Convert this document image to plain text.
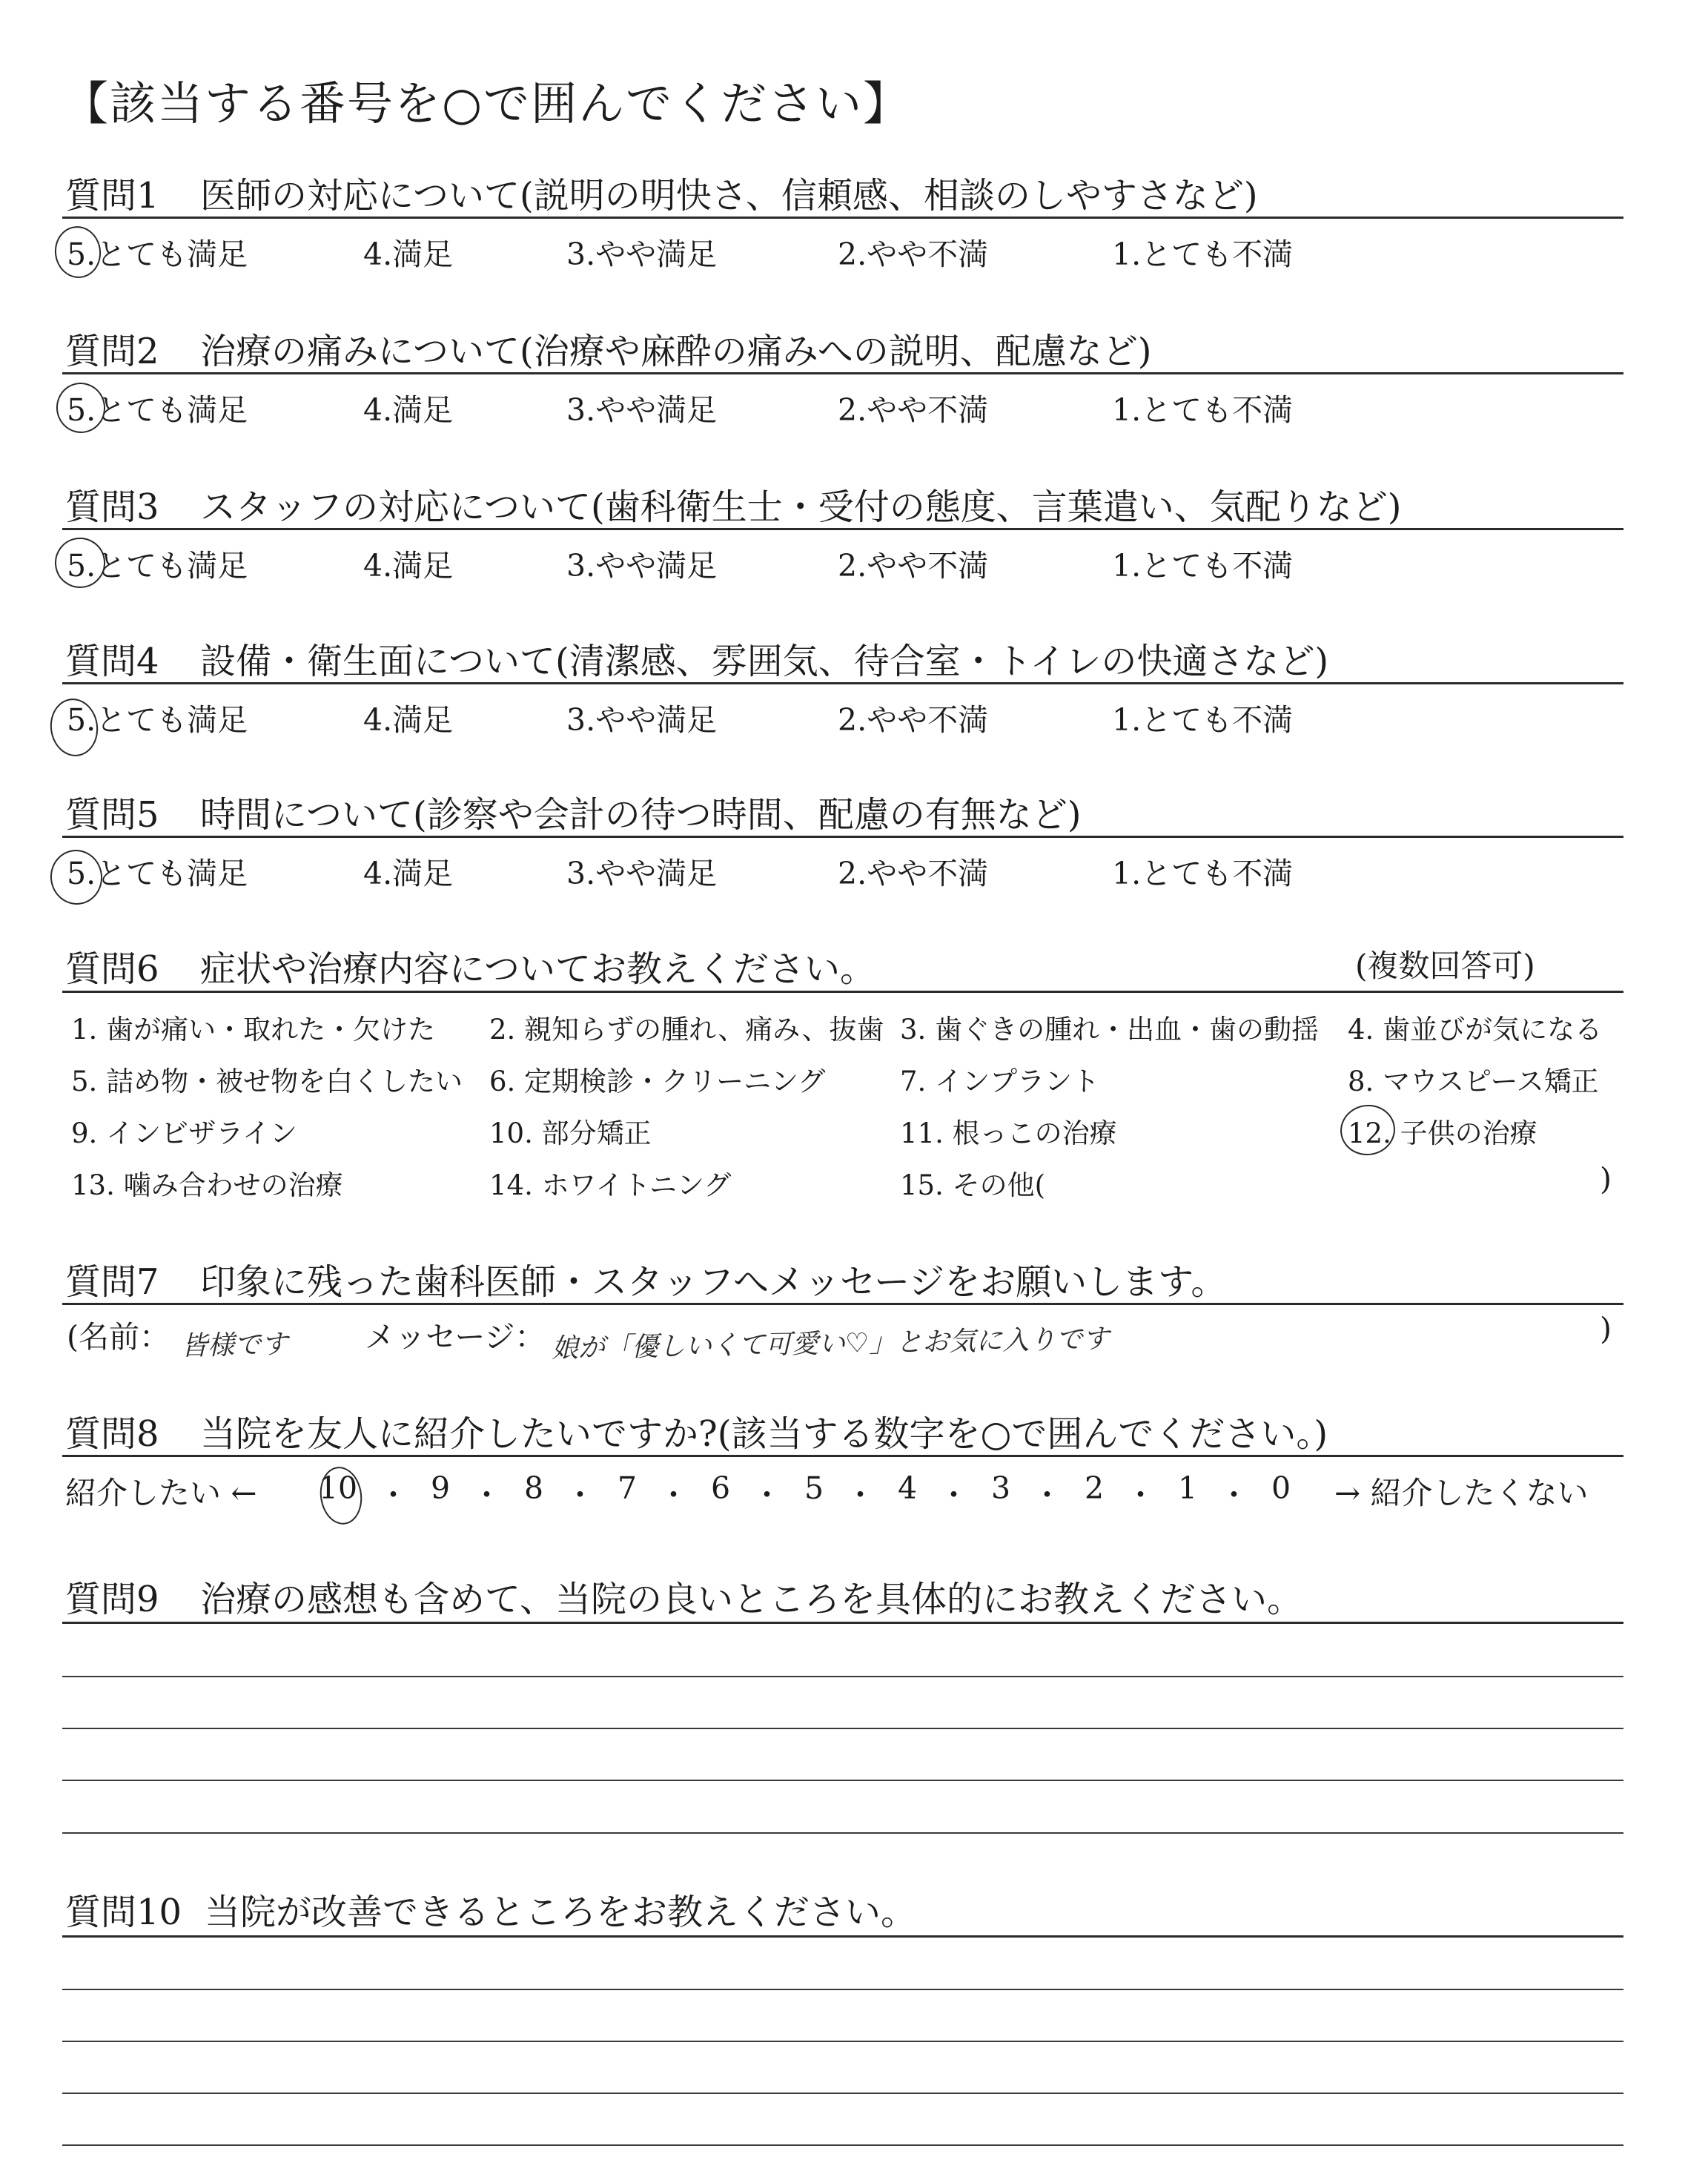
【該当する番号を○で囲んでください】
質問1 医師の対応について(説明の明快さ、信頼感、相談のしやすさなど)
5.とても満足	4.満足	3.やや満足	2.やや不満	1.とても不満
質問2 治療の痛みについて(治療や麻酔の痛みへの説明、配慮など)
5.とても満足	4.満足	3.やや満足	2.やや不満	1.とても不満
質問3 スタッフの対応について(歯科衛生士・受付の態度、言葉遣い、気配りなど)
5.とても満足	4.満足	3.やや満足	2.やや不満	1.とても不満
質問4 設備・衛生面について(清潔感、雰囲気、待合室・トイレの快適さなど)
5.とても満足	4.満足	3.やや満足	2.やや不満	1.とても不満
質問5 時間について(診察や会計の待つ時間、配慮の有無など)
5.とても満足	4.満足	3.やや満足	2.やや不満	1.とても不満
質問6 症状や治療内容についてお教えください。	(複数回答可)
1. 歯が痛い・取れた・欠けた 2. 親知らずの腫れ、痛み、抜歯 3. 歯ぐきの腫れ・出血・歯の動揺 4. 歯並びが気になる
5. 詰め物・被せ物を白くしたい 6. 定期検診・クリーニング	7. インプラント	8. マウスピース矯正
9. インビザライン	10. 部分矯正	11. 根っこの治療	12. 子供の治療
13. 噛み合わせの治療	14. ホワイトニング	15. その他(	)
質問7 印象に残った歯科医師・スタッフへメッセージをお願いします。
(名前： 皆様です	メッセージ： 娘が「優しいくて可愛い♡」とお気に入りです	)
質問8 当院を友人に紹介したいですか?(該当する数字を○で囲んでください。)
紹介したい ← 10 ・ 9 ・ 8 ・ 7 ・ 6 ・ 5 ・ 4 ・ 3 ・ 2 ・ 1 ・ 0	→ 紹介したくない
質問9 治療の感想も含めて、当院の良いところを具体的にお教えください。
質問10 当院が改善できるところをお教えください。
